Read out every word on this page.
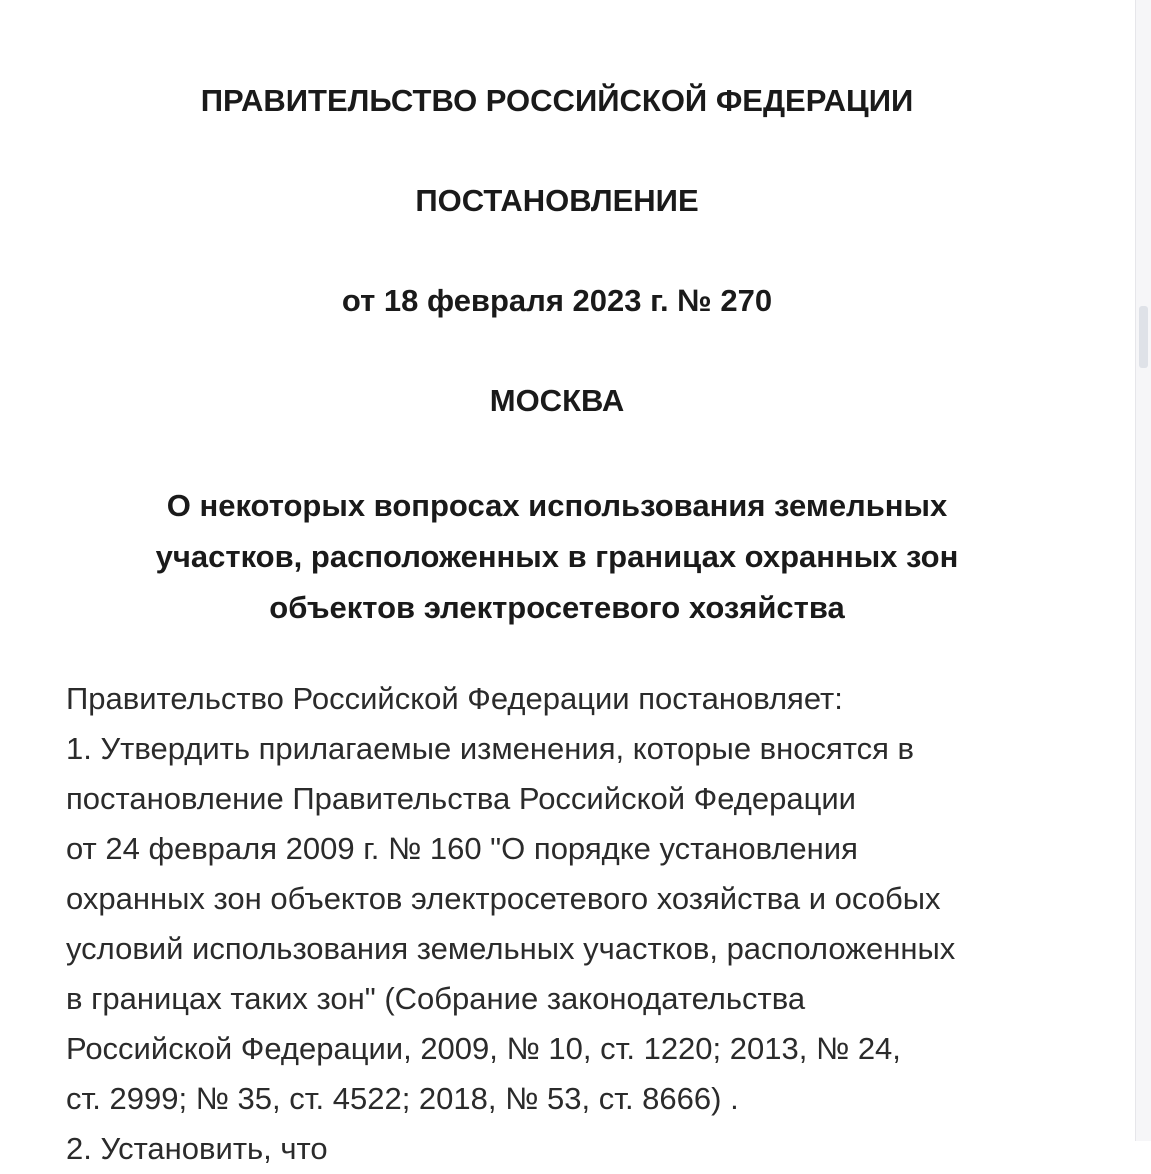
ПРАВИТЕЛЬСТВО РОССИЙСКОЙ ФЕДЕРАЦИИ
ПОСТАНОВЛЕНИЕ
от 18 февраля 2023 г. № 270
МОСКВА
О некоторых вопросах использования земельных
участков, расположенных в границах охранных зон
объектов электросетевого хозяйства
Правительство Российской Федерации постановляет:
1. Утвердить прилагаемые изменения, которые вносятся в
постановление Правительства Российской Федерации
от 24 февраля 2009 г. № 160 "О порядке установления
охранных зон объектов электросетевого хозяйства и особых
условий использования земельных участков, расположенных
в границах таких зон" (Собрание законодательства
Российской Федерации, 2009, № 10, ст. 1220; 2013, № 24,
ст. 2999; № 35, ст. 4522; 2018, № 53, ст. 8666) .
2. Установить, что
